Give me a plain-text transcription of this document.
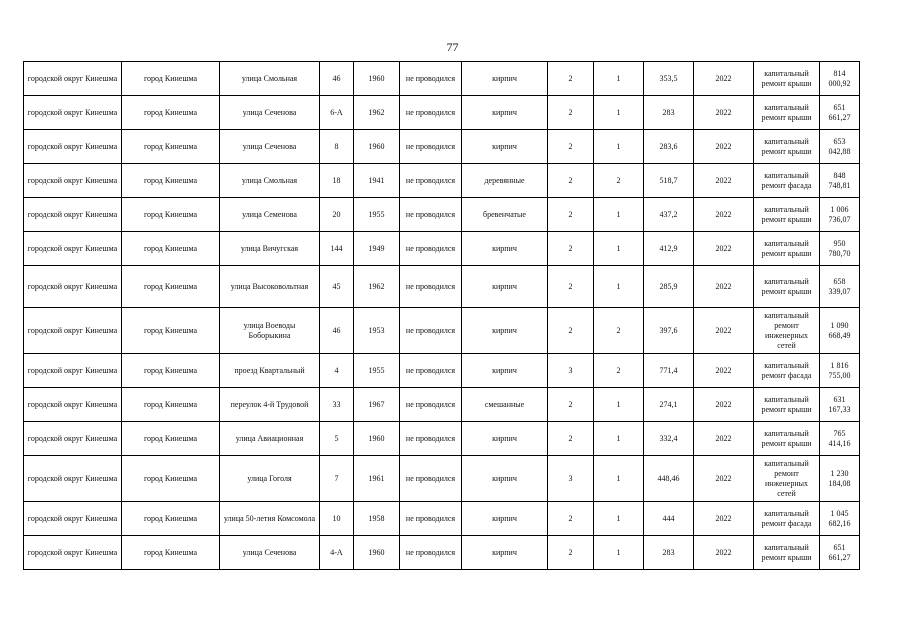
77
городской округ Кинешма	город Кинешма	улица Смольная	46	1960	не проводился	кирпич	2	1	353,5	2022	капитальный ремонт крыши	814 000,92
городской округ Кинешма	город Кинешма	улица Сеченова	6-А	1962	не проводился	кирпич	2	1	283	2022	капитальный ремонт крыши	651 661,27
городской округ Кинешма	город Кинешма	улица Сеченова	8	1960	не проводился	кирпич	2	1	283,6	2022	капитальный ремонт крыши	653 042,88
городской округ Кинешма	город Кинешма	улица Смольная	18	1941	не проводился	деревянные	2	2	518,7	2022	капитальный ремонт фасада	848 748,81
городской округ Кинешма	город Кинешма	улица Семенова	20	1955	не проводился	бревенчатые	2	1	437,2	2022	капитальный ремонт крыши	1 006 736,07
городской округ Кинешма	город Кинешма	улица Вичугская	144	1949	не проводился	кирпич	2	1	412,9	2022	капитальный ремонт крыши	950 780,70
городской округ Кинешма	город Кинешма	улица Высоковольтная	45	1962	не проводился	кирпич	2	1	285,9	2022	капитальный ремонт крыши	658 339,07
городской округ Кинешма	город Кинешма	улица Воеводы Боборыкина	46	1953	не проводился	кирпич	2	2	397,6	2022	капитальный ремонт инженерных сетей	1 090 668,49
городской округ Кинешма	город Кинешма	проезд Квартальный	4	1955	не проводился	кирпич	3	2	771,4	2022	капитальный ремонт фасада	1 816 755,00
городской округ Кинешма	город Кинешма	переулок 4-й Трудовой	33	1967	не проводился	смешанные	2	1	274,1	2022	капитальный ремонт крыши	631 167,33
городской округ Кинешма	город Кинешма	улица Авиационная	5	1960	не проводился	кирпич	2	1	332,4	2022	капитальный ремонт крыши	765 414,16
городской округ Кинешма	город Кинешма	улица Гоголя	7	1961	не проводился	кирпич	3	1	448,46	2022	капитальный ремонт инженерных сетей	1 230 184,08
городской округ Кинешма	город Кинешма	улица 50-летия Комсомола	10	1958	не проводился	кирпич	2	1	444	2022	капитальный ремонт фасада	1 045 682,16
городской округ Кинешма	город Кинешма	улица Сеченова	4-А	1960	не проводился	кирпич	2	1	283	2022	капитальный ремонт крыши	651 661,27
